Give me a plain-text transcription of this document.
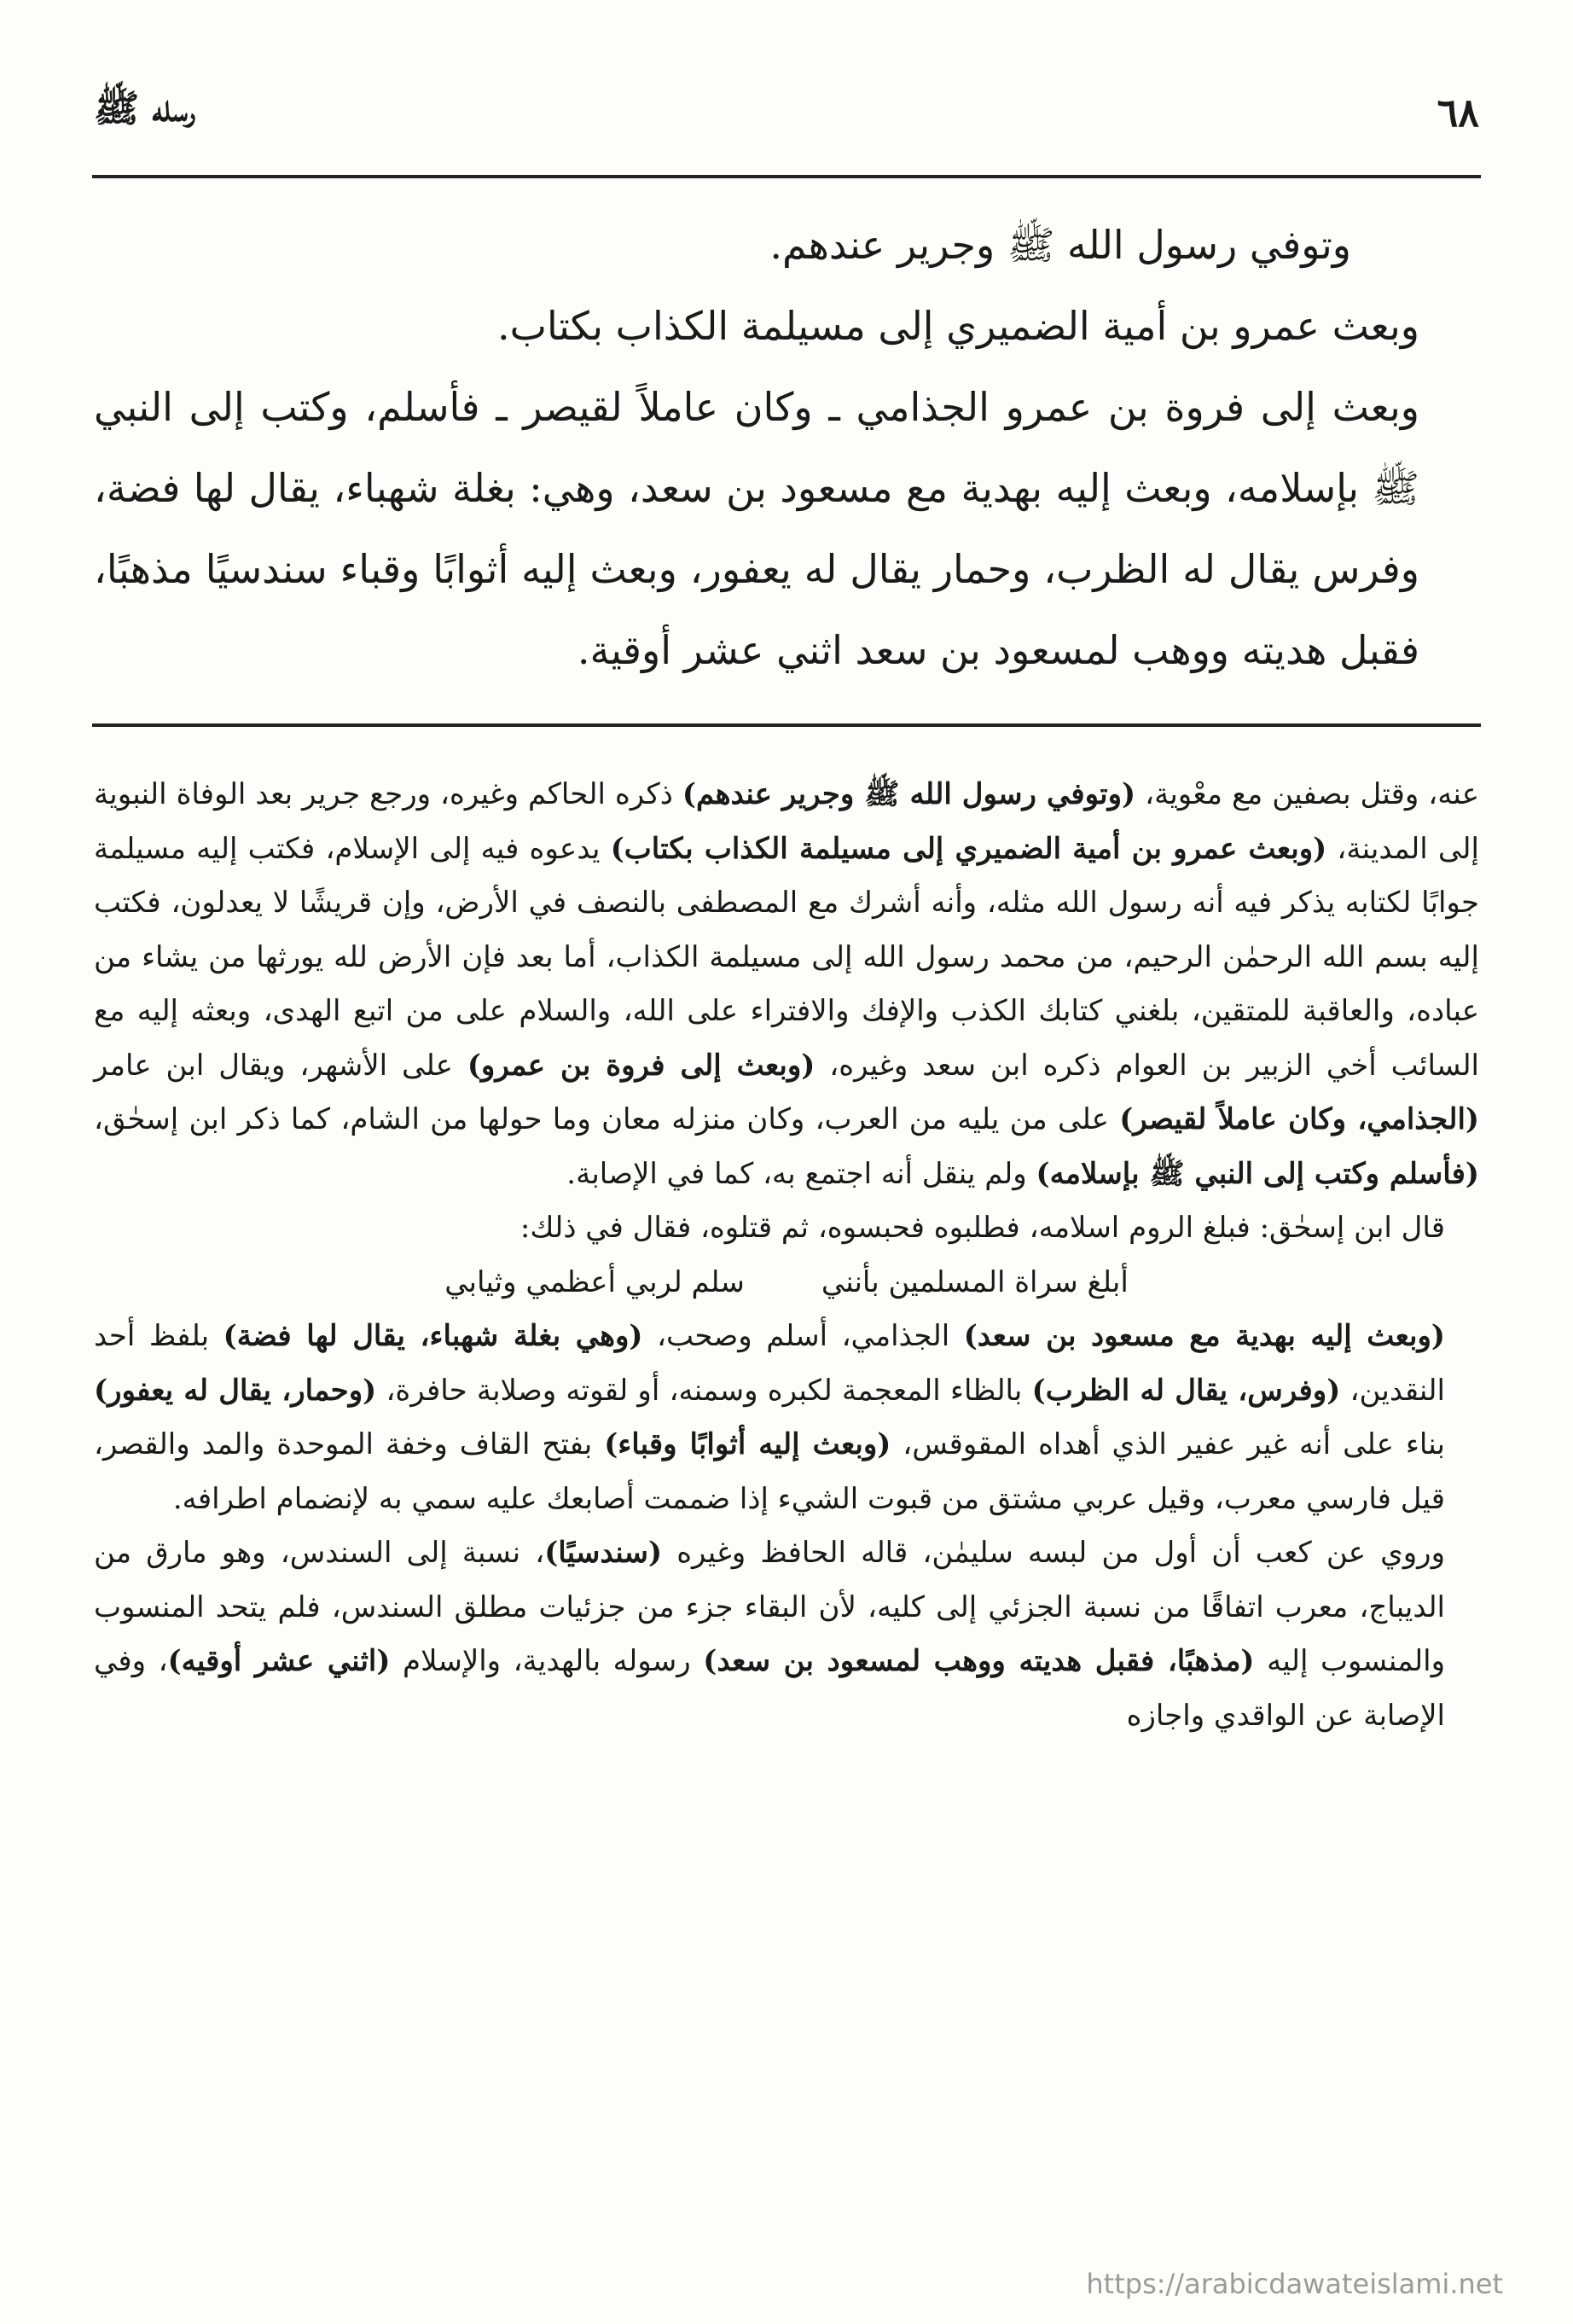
رسله ﷺ	٦٨

وتوفي رسول الله ﷺ وجرير عندهم.

وبعث عمرو بن أمية الضميري إلى مسيلمة الكذاب بكتاب.

وبعث إلى فروة بن عمرو الجذامي ـ وكان عاملاً لقيصر ـ فأسلم، وكتب إلى النبي ﷺ بإسلامه، وبعث إليه بهدية مع مسعود بن سعد، وهي: بغلة شهباء، يقال لها فضة، وفرس يقال له الظرب، وحمار يقال له يعفور، وبعث إليه أثوابًا وقباء سندسيًا مذهبًا، فقبل هديته ووهب لمسعود بن سعد اثني عشر أوقية.

عنه، وقتل بصفين مع معْوية، (وتوفي رسول الله ﷺ وجرير عندهم) ذكره الحاكم وغيره، ورجع جرير بعد الوفاة النبوية إلى المدينة، (وبعث عمرو بن أمية الضميري إلى مسيلمة الكذاب بكتاب) يدعوه فيه إلى الإسلام، فكتب إليه مسيلمة جوابًا لكتابه يذكر فيه أنه رسول الله مثله، وأنه أشرك مع المصطفى بالنصف في الأرض، وإن قريشًا لا يعدلون، فكتب إليه بسم الله الرحمٰن الرحيم، من محمد رسول الله إلى مسيلمة الكذاب، أما بعد فإن الأرض لله يورثها من يشاء من عباده، والعاقبة للمتقين، بلغني كتابك الكذب والإفك والافتراء على الله، والسلام على من اتبع الهدى، وبعثه إليه مع السائب أخي الزبير بن العوام ذكره ابن سعد وغيره، (وبعث إلى فروة بن عمرو) على الأشهر، ويقال ابن عامر (الجذامي، وكان عاملاً لقيصر) على من يليه من العرب، وكان منزله معان وما حولها من الشام، كما ذكر ابن إسحٰق، (فأسلم وكتب إلى النبي ﷺ بإسلامه) ولم ينقل أنه اجتمع به، كما في الإصابة.

قال ابن إسحٰق: فبلغ الروم اسلامه، فطلبوه فحبسوه، ثم قتلوه، فقال في ذلك:

أبلغ سراة المسلمين بأنني
سلم لربي أعظمي وثيابي

(وبعث إليه بهدية مع مسعود بن سعد) الجذامي، أسلم وصحب، (وهي بغلة شهباء، يقال لها فضة) بلفظ أحد النقدين، (وفرس، يقال له الظرب) بالظاء المعجمة لكبره وسمنه، أو لقوته وصلابة حافرة، (وحمار، يقال له يعفور) بناء على أنه غير عفير الذي أهداه المقوقس، (وبعث إليه أثوابًا وقباء) بفتح القاف وخفة الموحدة والمد والقصر، قيل فارسي معرب، وقيل عربي مشتق من قبوت الشيء إذا ضممت أصابعك عليه سمي به لإنضمام اطرافه.

وروي عن كعب أن أول من لبسه سليمٰن، قاله الحافظ وغيره (سندسيًا)، نسبة إلى السندس، وهو مارق من الديباج، معرب اتفاقًا من نسبة الجزئي إلى كليه، لأن البقاء جزء من جزئيات مطلق السندس، فلم يتحد المنسوب والمنسوب إليه (مذهبًا، فقبل هديته ووهب لمسعود بن سعد) رسوله بالهدية، والإسلام (اثني عشر أوقيه)، وفي الإصابة عن الواقدي واجازه

https://arabicdawateislami.net
